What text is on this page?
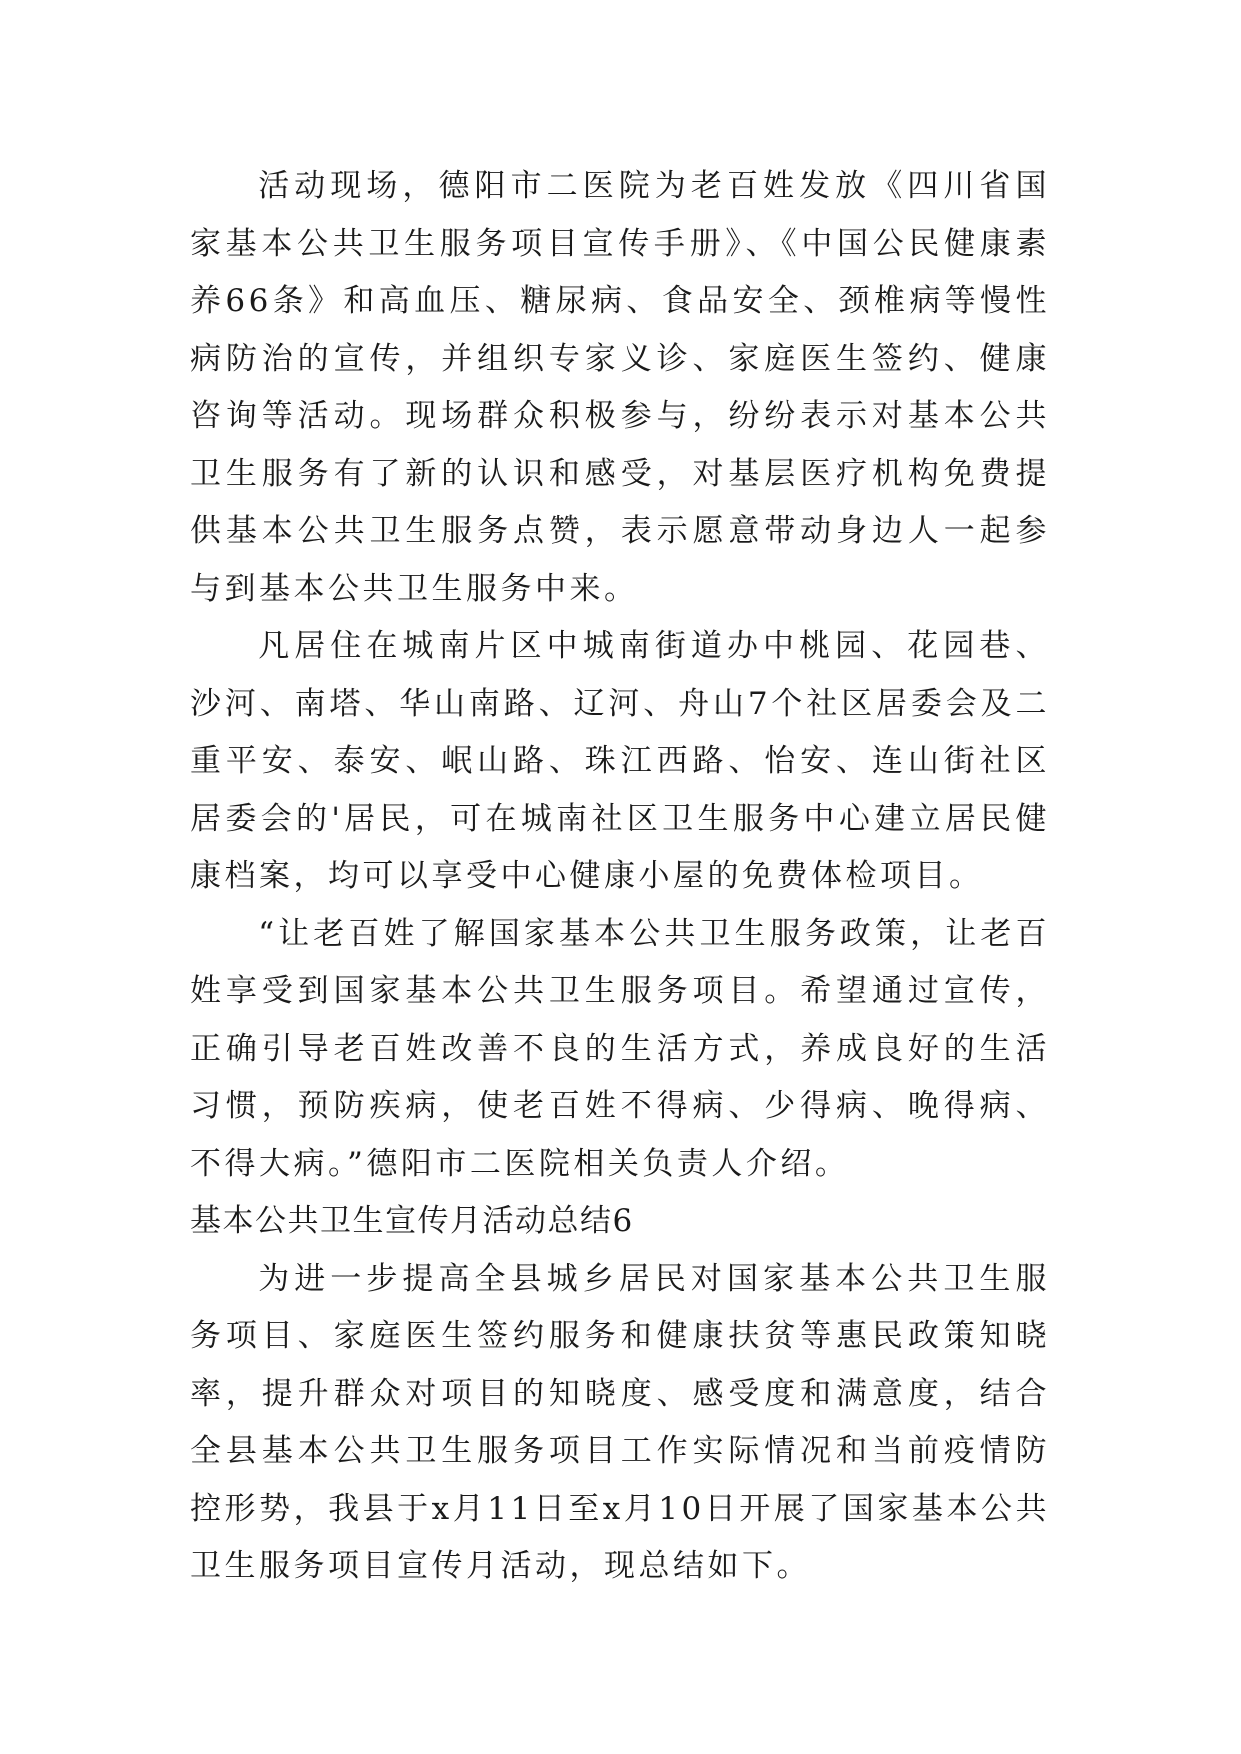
活动现场，德阳市二医院为老百姓发放《四川省国家基本公共卫生服务项目宣传手册》、《中国公民健康素养66条》和高血压、糖尿病、食品安全、颈椎病等慢性病防治的宣传，并组织专家义诊、家庭医生签约、健康咨询等活动。现场群众积极参与，纷纷表示对基本公共卫生服务有了新的认识和感受，对基层医疗机构免费提供基本公共卫生服务点赞，表示愿意带动身边人一起参与到基本公共卫生服务中来。

凡居住在城南片区中城南街道办中桃园、花园巷、沙河、南塔、华山南路、辽河、舟山7个社区居委会及二重平安、泰安、岷山路、珠江西路、怡安、连山街社区居委会的'居民，可在城南社区卫生服务中心建立居民健康档案，均可以享受中心健康小屋的免费体检项目。

“让老百姓了解国家基本公共卫生服务政策，让老百姓享受到国家基本公共卫生服务项目。希望通过宣传，正确引导老百姓改善不良的生活方式，养成良好的生活习惯，预防疾病，使老百姓不得病、少得病、晚得病、不得大病。”德阳市二医院相关负责人介绍。

基本公共卫生宣传月活动总结6

为进一步提高全县城乡居民对国家基本公共卫生服务项目、家庭医生签约服务和健康扶贫等惠民政策知晓率，提升群众对项目的知晓度、感受度和满意度，结合全县基本公共卫生服务项目工作实际情况和当前疫情防控形势，我县于x月11日至x月10日开展了国家基本公共卫生服务项目宣传月活动，现总结如下。
